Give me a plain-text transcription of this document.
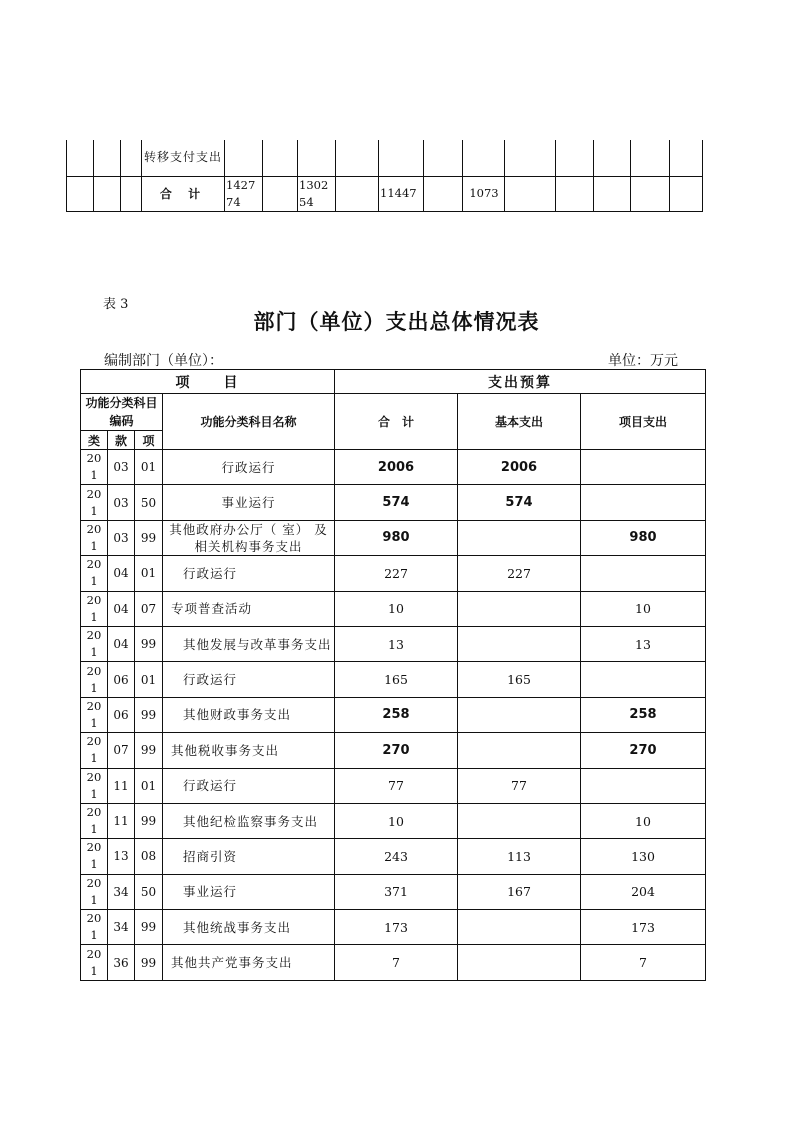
			转移支付支出												
			合 计	142774		130254		11447		1073					
表 3
部门（单位）支出总体情况表
编制部门（单位）：	单位：万元
项　　目				支出预算		
功能分类科目编码			功能分类科目名称	合　计	基本支出	项目支出
类	款	项				
201	03	01	行政运行	2006	2006	
201	03	50	事业运行	574	574	
201	03	99	其他政府办公厅（ 室） 及相关机构事务支出	980		980
201	04	01	行政运行	227	227	
201	04	07	专项普查活动	10		10
201	04	99	其他发展与改革事务支出	13		13
201	06	01	行政运行	165	165	
201	06	99	其他财政事务支出	258		258
201	07	99	其他税收事务支出	270		270
201	11	01	行政运行	77	77	
201	11	99	其他纪检监察事务支出	10		10
201	13	08	招商引资	243	113	130
201	34	50	事业运行	371	167	204
201	34	99	其他统战事务支出	173		173
201	36	99	其他共产党事务支出	7		7
